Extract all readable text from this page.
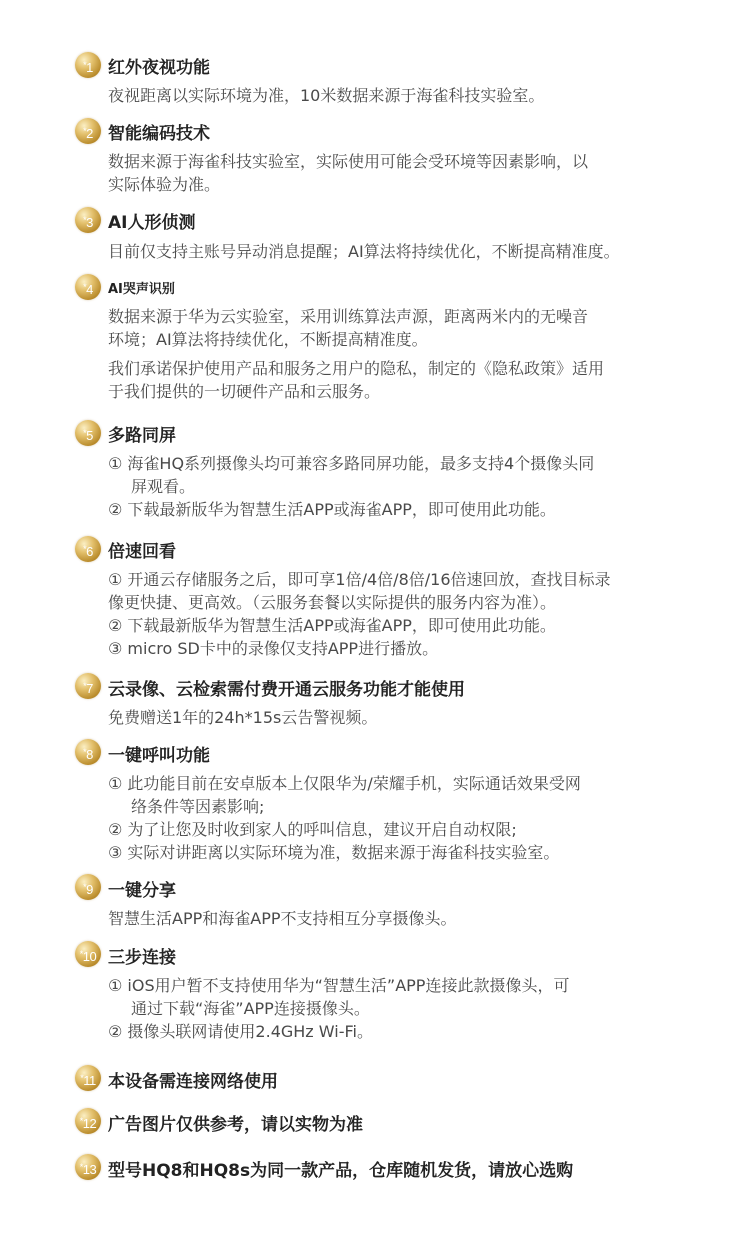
*1 红外夜视功能
夜视距离以实际环境为准，10米数据来源于海雀科技实验室。
*2 智能编码技术
数据来源于海雀科技实验室，实际使用可能会受环境等因素影响，以
实际体验为准。
*3 AI人形侦测
目前仅支持主账号异动消息提醒；AI算法将持续优化，不断提高精准度。
*4	AI哭声识别
数据来源于华为云实验室，采用训练算法声源，距离两米内的无噪音
环境；AI算法将持续优化，不断提高精准度。
我们承诺保护使用产品和服务之用户的隐私，制定的《隐私政策》适用
于我们提供的一切硬件产品和云服务。
*5 多路同屏
① 海雀HQ系列摄像头均可兼容多路同屏功能，最多支持4个摄像头同
屏观看。
② 下载最新版华为智慧生活APP或海雀APP，即可使用此功能。
*6 倍速回看
① 开通云存储服务之后，即可享1倍/4倍/8倍/16倍速回放，查找目标录
像更快捷、更高效。（云服务套餐以实际提供的服务内容为准）。
② 下载最新版华为智慧生活APP或海雀APP，即可使用此功能。
③ micro SD卡中的录像仅支持APP进行播放。
*7 云录像、云检索需付费开通云服务功能才能使用
免费赠送1年的24h*15s云告警视频。
*8 一键呼叫功能
① 此功能目前在安卓版本上仅限华为/荣耀手机，实际通话效果受网
络条件等因素影响;
② 为了让您及时收到家人的呼叫信息，建议开启自动权限;
③ 实际对讲距离以实际环境为准，数据来源于海雀科技实验室。
*9 一键分享
智慧生活APP和海雀APP不支持相互分享摄像头。
*10 三步连接
① iOS用户暂不支持使用华为“智慧生活”APP连接此款摄像头，可
通过下载“海雀”APP连接摄像头。
② 摄像头联网请使用2.4GHz Wi-Fi。
*11 本设备需连接网络使用
*12 广告图片仅供参考，请以实物为准
*13 型号HQ8和HQ8s为同一款产品，仓库随机发货，请放心选购
